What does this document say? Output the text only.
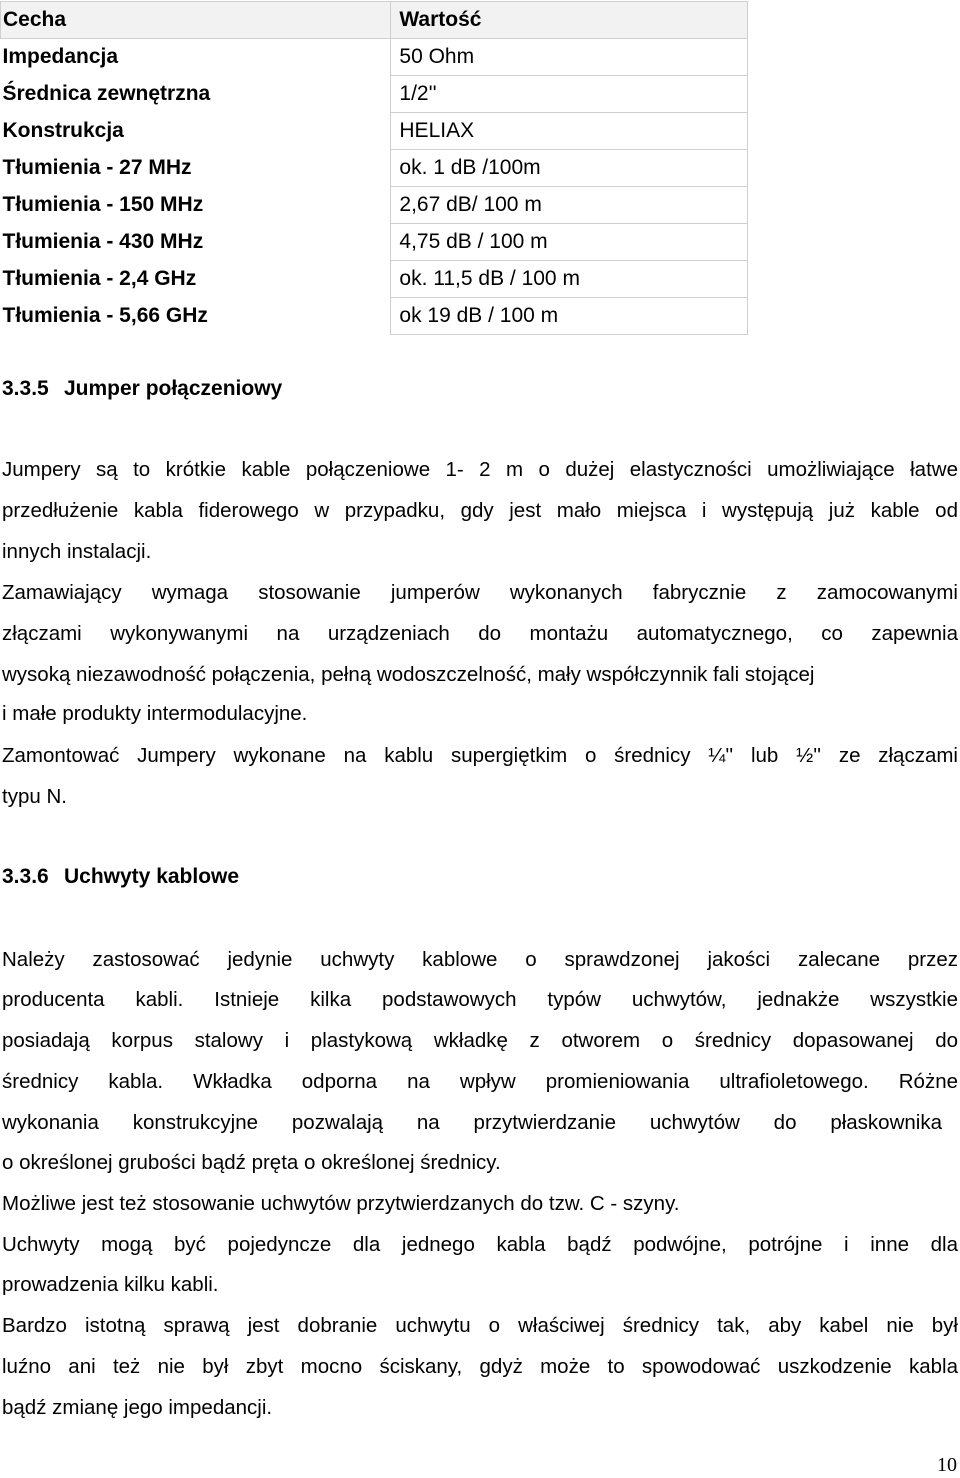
Cecha	Wartość
Impedancja	50 Ohm
Średnica zewnętrzna	1/2''
Konstrukcja	HELIAX
Tłumienia - 27 MHz	ok. 1 dB /100m
Tłumienia - 150 MHz	2,67 dB/ 100 m
Tłumienia - 430 MHz	4,75 dB / 100 m
Tłumienia - 2,4 GHz	ok. 11,5 dB / 100 m
Tłumienia - 5,66 GHz	ok 19 dB / 100 m
3.3.5 Jumper połączeniowy
Jumpery są to krótkie kable połączeniowe 1- 2 m o dużej elastyczności umożliwiające łatwe
przedłużenie kabla fiderowego w przypadku, gdy jest mało miejsca i występują już kable od
innych instalacji.
Zamawiający wymaga stosowanie jumperów wykonanych fabrycznie z zamocowanymi
złączami wykonywanymi na urządzeniach do montażu automatycznego, co zapewnia
wysoką niezawodność połączenia, pełną wodoszczelność, mały współczynnik fali stojącej
i małe produkty intermodulacyjne.
Zamontować Jumpery wykonane na kablu supergiętkim o średnicy ¼'' lub ½'' ze złączami
typu N.
3.3.6 Uchwyty kablowe
Należy zastosować jedynie uchwyty kablowe o sprawdzonej jakości zalecane przez
producenta kabli. Istnieje kilka podstawowych typów uchwytów, jednakże wszystkie
posiadają korpus stalowy i plastykową wkładkę z otworem o średnicy dopasowanej do
średnicy kabla. Wkładka odporna na wpływ promieniowania ultrafioletowego. Różne
wykonania konstrukcyjne pozwalają na przytwierdzanie uchwytów do płaskownika
o określonej grubości bądź pręta o określonej średnicy.
Możliwe jest też stosowanie uchwytów przytwierdzanych do tzw. C - szyny.
Uchwyty mogą być pojedyncze dla jednego kabla bądź podwójne, potrójne i inne dla
prowadzenia kilku kabli.
Bardzo istotną sprawą jest dobranie uchwytu o właściwej średnicy tak, aby kabel nie był
luźno ani też nie był zbyt mocno ściskany, gdyż może to spowodować uszkodzenie kabla
bądź zmianę jego impedancji.
10
